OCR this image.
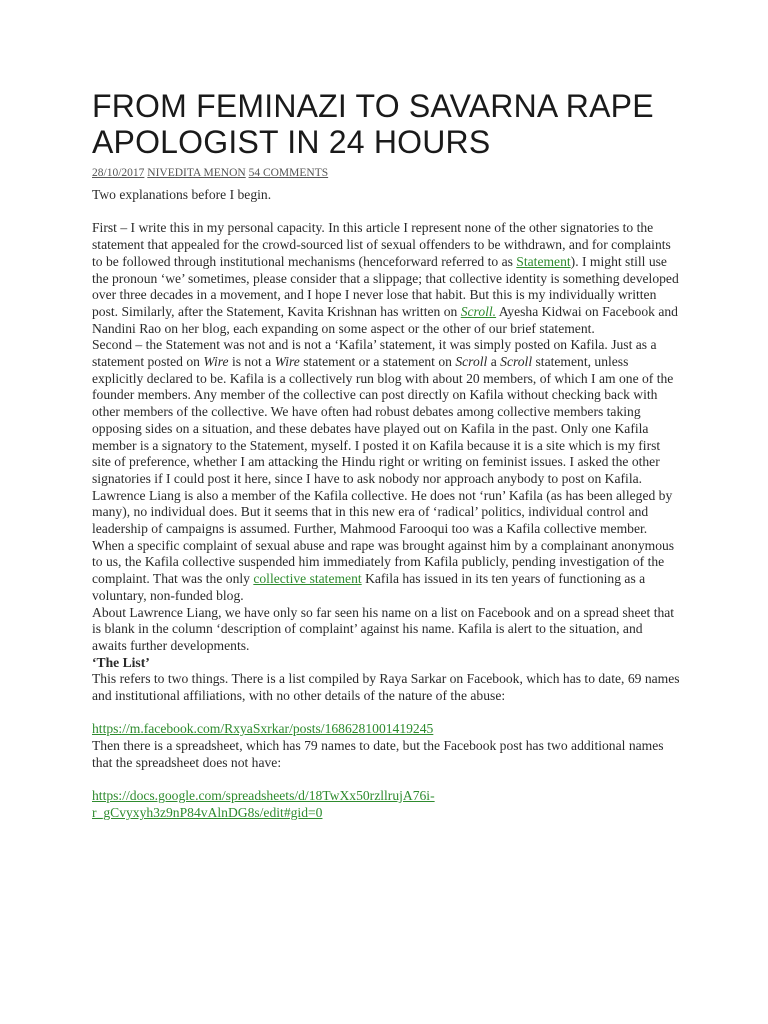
FROM FEMINAZI TO SAVARNA RAPE APOLOGIST IN 24 HOURS
28/10/2017 NIVEDITA MENON 54 COMMENTS

Two explanations before I begin.

First – I write this in my personal capacity. In this article I represent none of the other signatories to the statement that appealed for the crowd-sourced list of sexual offenders to be withdrawn, and for complaints to be followed through institutional mechanisms (henceforward referred to as Statement). I might still use the pronoun ‘we’ sometimes, please consider that a slippage; that collective identity is something developed over three decades in a movement, and I hope I never lose that habit. But this is my individually written post. Similarly, after the Statement, Kavita Krishnan has written on Scroll. Ayesha Kidwai on Facebook and Nandini Rao on her blog, each expanding on some aspect or the other of our brief statement.

Second – the Statement was not and is not a ‘Kafila’ statement, it was simply posted on Kafila. Just as a statement posted on Wire is not a Wire statement or a statement on Scroll a Scroll statement, unless explicitly declared to be. Kafila is a collectively run blog with about 20 members, of which I am one of the founder members. Any member of the collective can post directly on Kafila without checking back with other members of the collective. We have often had robust debates among collective members taking opposing sides on a situation, and these debates have played out on Kafila in the past. Only one Kafila member is a signatory to the Statement, myself. I posted it on Kafila because it is a site which is my first site of preference, whether I am attacking the Hindu right or writing on feminist issues. I asked the other signatories if I could post it here, since I have to ask nobody nor approach anybody to post on Kafila.

Lawrence Liang is also a member of the Kafila collective. He does not ‘run’ Kafila (as has been alleged by many), no individual does. But it seems that in this new era of ‘radical’ politics, individual control and leadership of campaigns is assumed. Further, Mahmood Farooqui too was a Kafila collective member. When a specific complaint of sexual abuse and rape was brought against him by a complainant anonymous to us, the Kafila collective suspended him immediately from Kafila publicly, pending investigation of the complaint. That was the only collective statement Kafila has issued in its ten years of functioning as a voluntary, non-funded blog.

About Lawrence Liang, we have only so far seen his name on a list on Facebook and on a spread sheet that is blank in the column ‘description of complaint’ against his name. Kafila is alert to the situation, and awaits further developments.

‘The List’

This refers to two things. There is a list compiled by Raya Sarkar on Facebook, which has to date, 69 names and institutional affiliations, with no other details of the nature of the abuse:

https://m.facebook.com/RxyaSxrkar/posts/1686281001419245

Then there is a spreadsheet, which has 79 names to date, but the Facebook post has two additional names that the spreadsheet does not have:

https://docs.google.com/spreadsheets/d/18TwXx50rzllrujA76i-
r_gCvyxyh3z9nP84vAlnDG8s/edit#gid=0
